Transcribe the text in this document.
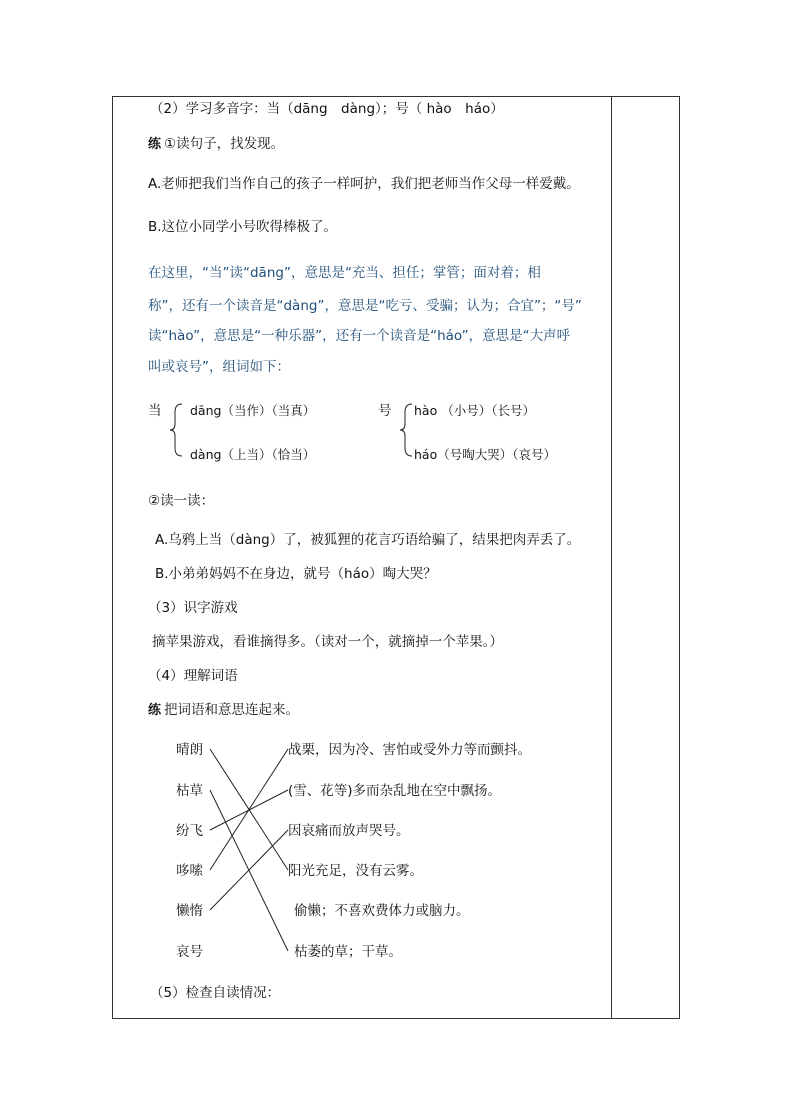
（2）学习多音字：当（dāng　dàng）；号（ hào　háo）
练 ①读句子，找发现。
A.老师把我们当作自己的孩子一样呵护，我们把老师当作父母一样爱戴。
B.这位小同学小号吹得棒极了。
在这里，“当”读“dāng”，意思是“充当、担任；掌管；面对着；相
称”，还有一个读音是“dàng”，意思是“吃亏、受骗；认为；合宜”；“号”
读“hào”，意思是“一种乐器”，还有一个读音是“háo”，意思是“大声呼
叫或哀号”，组词如下：
当 dāng（当作）（当真）
dàng（上当）（恰当）
号 hào （小号）（长号）
háo（号啕大哭）（哀号）
②读一读：
A.乌鸦上当（dàng）了，被狐狸的花言巧语给骗了，结果把肉弄丢了。
B.小弟弟妈妈不在身边，就号（háo）啕大哭？
（3）识字游戏
摘苹果游戏，看谁摘得多。（读对一个，就摘掉一个苹果。）
（4）理解词语
练 把词语和意思连起来。
晴朗
枯草
纷飞
哆嗦
懒惰
哀号
战栗，因为冷、害怕或受外力等而颤抖。
(雪、花等)多而杂乱地在空中飘扬。
因哀痛而放声哭号。
阳光充足，没有云雾。
偷懒；不喜欢费体力或脑力。
枯萎的草；干草。
（5）检查自读情况：
